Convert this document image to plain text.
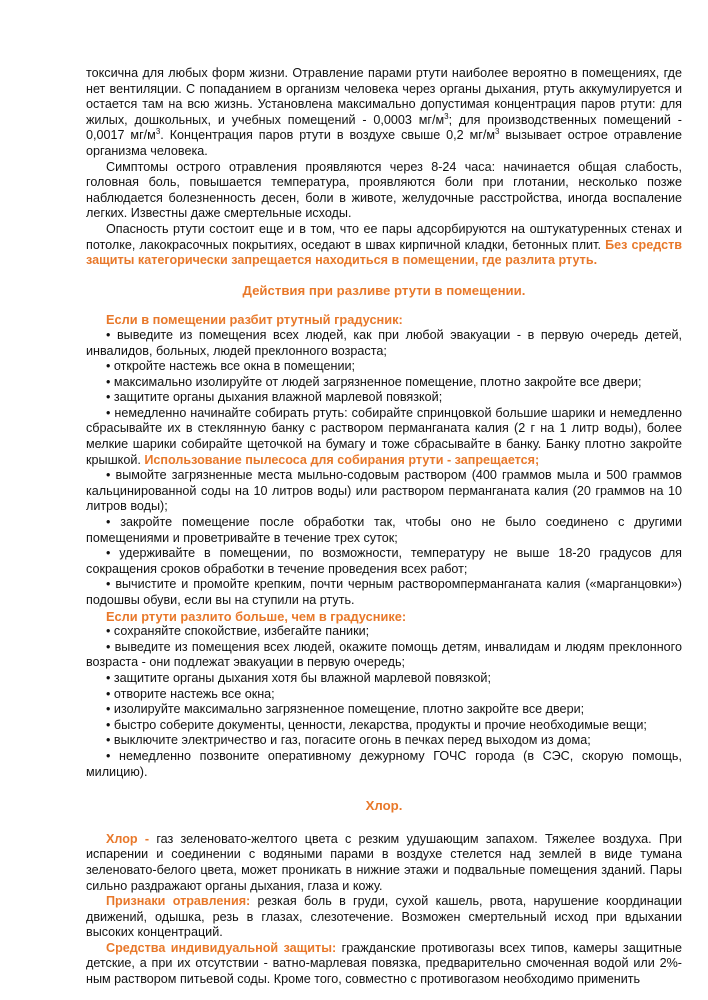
токсична для любых форм жизни. Отравление парами ртути наиболее вероятно в помещениях, где нет вентиляции. С попаданием в организм человека через органы дыхания, ртуть аккумулируется и остается там на всю жизнь. Установлена максимально допустимая концентрация паров ртути: для жилых, дошкольных, и учебных помещений - 0,0003 $мг/м^3$; для производственных помещений - 0,0017 $мг/м^3$. Концентрация паров ртути в воздухе свыше 0,2 $мг/м^3$ вызывает острое отравление организма человека.

Симптомы острого отравления проявляются через 8-24 часа: начинается общая слабость, головная боль, повышается температура, проявляются боли при глотании, несколько позже наблюдается болезненность десен, боли в животе, желудочные расстройства, иногда воспаление легких. Известны даже смертельные исходы.

Опасность ртути состоит еще и в том, что ее пары адсорбируются на оштукатуренных стенах и потолке, лакокрасочных покрытиях, оседают в швах кирпичной кладки, бетонных плит. Без средств защиты категорически запрещается находиться в помещении, где разлита ртуть.

Действия при разливе ртути в помещении.
Если в помещении разбит ртутный градусник:

• выведите из помещения всех людей, как при любой эвакуации - в первую очередь детей, инвалидов, больных, людей преклонного возраста;

• откройте настежь все окна в помещении;

• максимально изолируйте от людей загрязненное помещение, плотно закройте все двери;

• защитите органы дыхания влажной марлевой повязкой;

• немедленно начинайте собирать ртуть: собирайте спринцовкой большие шарики и немедленно сбрасывайте их в стеклянную банку с раствором перманганата калия (2 г на 1 литр воды), более мелкие шарики собирайте щеточкой на бумагу и тоже сбрасывайте в банку. Банку плотно закройте крышкой. Использование пылесоса для собирания ртути - запрещается;

• вымойте загрязненные места мыльно-содовым раствором (400 граммов мыла и 500 граммов кальцинированной соды на 10 литров воды) или раствором перманганата калия (20 граммов на 10 литров воды);

• закройте помещение после обработки так, чтобы оно не было соединено с другими помещениями и проветривайте в течение трех суток;

• удерживайте в помещении, по возможности, температуру не выше 18-20 градусов для сокращения сроков обработки в течение проведения всех работ;

• вычистите и промойте крепким, почти черным растворомперманганата калия («марганцовки») подошвы обуви, если вы на ступили на ртуть.

Если ртути разлито больше, чем в градуснике:

• сохраняйте спокойствие, избегайте паники;

• выведите из помещения всех людей, окажите помощь детям, инвалидам и людям преклонного возраста - они подлежат эвакуации в первую очередь;

• защитите органы дыхания хотя бы влажной марлевой повязкой;

• отворите настежь все окна;

• изолируйте максимально загрязненное помещение, плотно закройте все двери;

• быстро соберите документы, ценности, лекарства, продукты и прочие необходимые вещи;

• выключите электричество и газ, погасите огонь в печках перед выходом из дома;

• немедленно позвоните оперативному дежурному ГОЧС города (в СЭС, скорую помощь, милицию).

Хлор.

Хлор - газ зеленовато-желтого цвета с резким удушающим запахом. Тяжелее воздуха. При испарении и соединении с водяными парами в воздухе стелется над землей в виде тумана зеленовато-белого цвета, может проникать в нижние этажи и подвальные помещения зданий. Пары сильно раздражают органы дыхания, глаза и кожу.

Признаки отравления: резкая боль в груди, сухой кашель, рвота, нарушение координации движений, одышка, резь в глазах, слезотечение. Возможен смертельный исход при вдыхании высоких концентраций.

Средства индивидуальной защиты: гражданские противогазы всех типов, камеры защитные детские, а при их отсутствии - ватно-марлевая повязка, предварительно смоченная водой или 2%-ным раствором питьевой соды. Кроме того, совместно с противогазом необходимо применить
